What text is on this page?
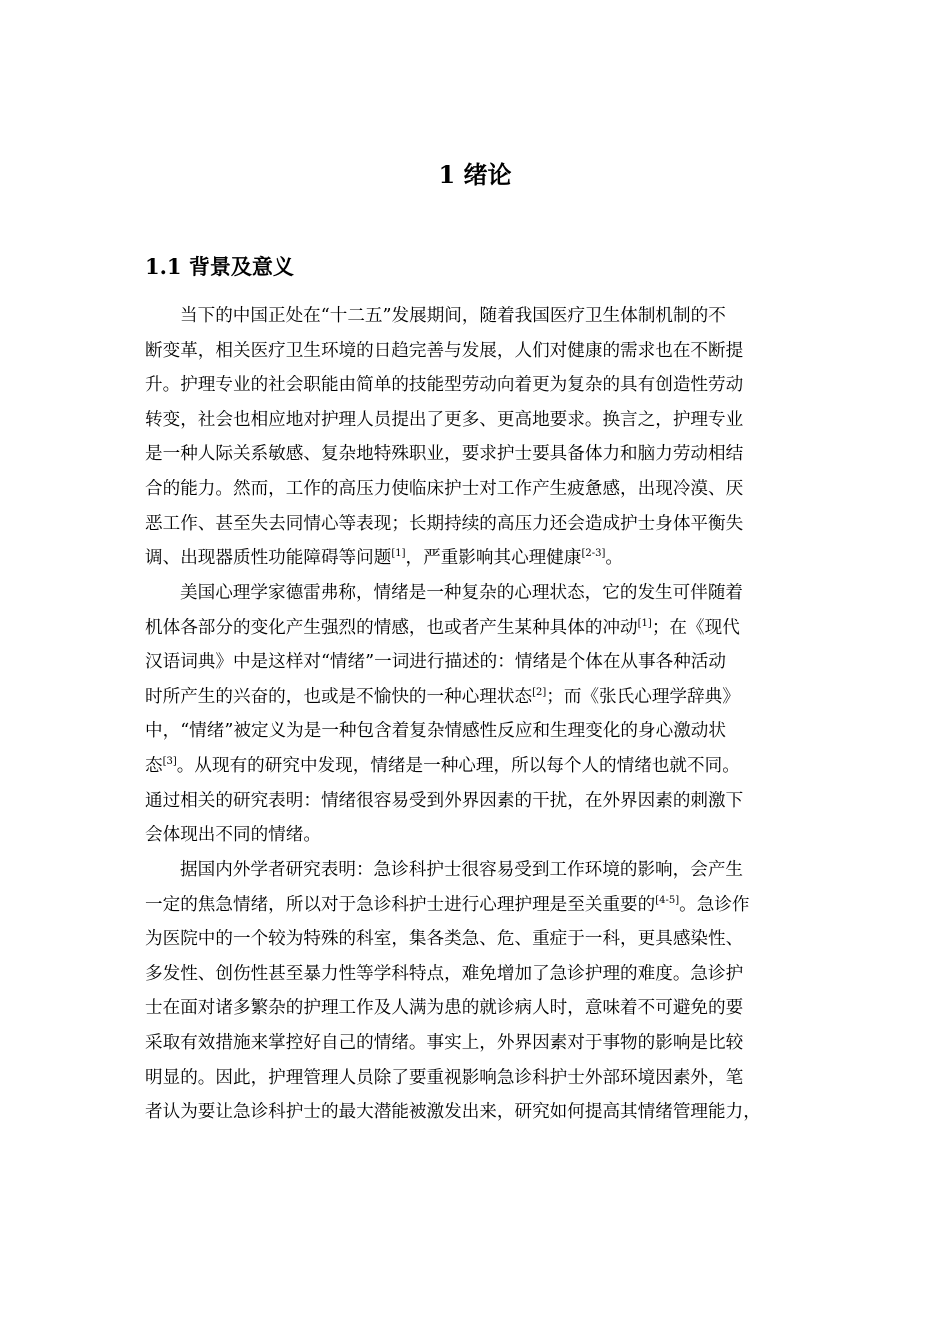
1 绪论
1.1 背景及意义
当下的中国正处在“十二五”发展期间，随着我国医疗卫生体制机制的不
断变革，相关医疗卫生环境的日趋完善与发展，人们对健康的需求也在不断提
升。护理专业的社会职能由简单的技能型劳动向着更为复杂的具有创造性劳动
转变，社会也相应地对护理人员提出了更多、更高地要求。换言之，护理专业
是一种人际关系敏感、复杂地特殊职业，要求护士要具备体力和脑力劳动相结
合的能力。然而，工作的高压力使临床护士对工作产生疲惫感，出现冷漠、厌
恶工作、甚至失去同情心等表现；长期持续的高压力还会造成护士身体平衡失
调、出现器质性功能障碍等问题[1]，严重影响其心理健康[2-3]。
美国心理学家德雷弗称，情绪是一种复杂的心理状态，它的发生可伴随着
机体各部分的变化产生强烈的情感，也或者产生某种具体的冲动[1]；在《现代
汉语词典》中是这样对“情绪”一词进行描述的：情绪是个体在从事各种活动
时所产生的兴奋的，也或是不愉快的一种心理状态[2]；而《张氏心理学辞典》
中，“情绪”被定义为是一种包含着复杂情感性反应和生理变化的身心激动状
态[3]。从现有的研究中发现，情绪是一种心理，所以每个人的情绪也就不同。
通过相关的研究表明：情绪很容易受到外界因素的干扰，在外界因素的刺激下
会体现出不同的情绪。
据国内外学者研究表明：急诊科护士很容易受到工作环境的影响，会产生
一定的焦急情绪，所以对于急诊科护士进行心理护理是至关重要的[4-5]。急诊作
为医院中的一个较为特殊的科室，集各类急、危、重症于一科，更具感染性、
多发性、创伤性甚至暴力性等学科特点，难免增加了急诊护理的难度。急诊护
士在面对诸多繁杂的护理工作及人满为患的就诊病人时，意味着不可避免的要
采取有效措施来掌控好自己的情绪。事实上，外界因素对于事物的影响是比较
明显的。因此，护理管理人员除了要重视影响急诊科护士外部环境因素外，笔
者认为要让急诊科护士的最大潜能被激发出来，研究如何提高其情绪管理能力，
